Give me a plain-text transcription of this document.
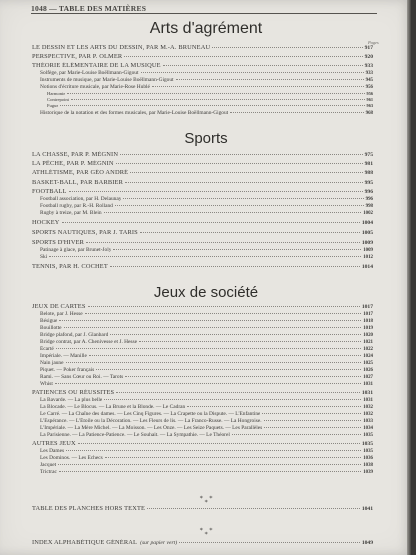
1048 — TABLE DES MATIÈRES
Arts d'agrément
Pages
LE DESSIN ET LES ARTS DU DESSIN, PAR M.-A. BRUNEAU	917
PERSPECTIVE, PAR P. OLMER	920
THÉORIE ÉLÉMENTAIRE DE LA MUSIQUE	933
Solfège, par Marie-Louise Boëllmann-Gigout	933
Instruments de musique, par Marie-Louise Boëllmann-Gigout	945
Notions d'écriture musicale, par Marie-Rose Hublé	956
Harmonie	956
Contrepoint	961
Fugue	963
Historique de la notation et des formes musicales, par Marie-Louise Boëllmann-Gigout	968
Sports
LA CHASSE, PAR P. MÉGNIN	975
LA PÊCHE, PAR P. MÉGNIN	981
ATHLÉTISME, PAR GÉO ANDRÉ	988
BASKET-BALL, PAR BARBIER	995
FOOTBALL	996
Football association, par H. Delaunay	996
Football rugby, par R.-H. Rolland	998
Rugby à treize, par M. Blein	1002
HOCKEY	1004
SPORTS NAUTIQUES, PAR J. TARIS	1005
SPORTS D'HIVER	1009
Patinage à glace, par Brunet-Joly	1009
Ski	1012
TENNIS, PAR H. COCHET	1014
Jeux de société
JEUX DE CARTES	1017
Belote, par J. Hesse	1017
Bésigue	1018
Bouillotte	1019
Bridge plafond, par J. Glanbard	1020
Bridge contrat, par A. Chenivesse et J. Hesse	1021
Écarté	1022
Impériale. — Manille	1024
Nain jaune	1025
Piquet. — Poker français	1026
Rami. — Sans Cœur ou Roi. — Tarots	1027
Whist	1031
PATIENCES OU RÉUSSITES	1031
La Bavarde. — La plus belle	1031
La Blocade. — Le Blocus. — La Brune et la Blonde. — Le Cadran	1032
Le Carré. — La Chaîne des dames. — Les Cinq Figures. — La Crapette ou la Dispute. — L'Enfantine	1032
L'Espérance. — L'Étoile ou la Décoration. — Les Fleurs de lis. — La Franco-Russe. — La Hongroise.	1033
L'Impériale. — La Mère Michel. — La Moisson. — Les Onze. — Les Seize Paquets. — Les Parallèles	1034
La Parisienne. — La Patience-Patience. — Le Souhait. — La Sympathie. — Le Théorel	1035
AUTRES JEUX	1035
Les Dames	1035
Les Dominos. — Les Échecs	1036
Jacquet	1038
Trictrac	1039
∗ ∗ ∗
TABLE DES PLANCHES HORS TEXTE	1041
∗ ∗ ∗
INDEX ALPHABÉTIQUE GÉNÉRAL (sur papier vert)	1049
